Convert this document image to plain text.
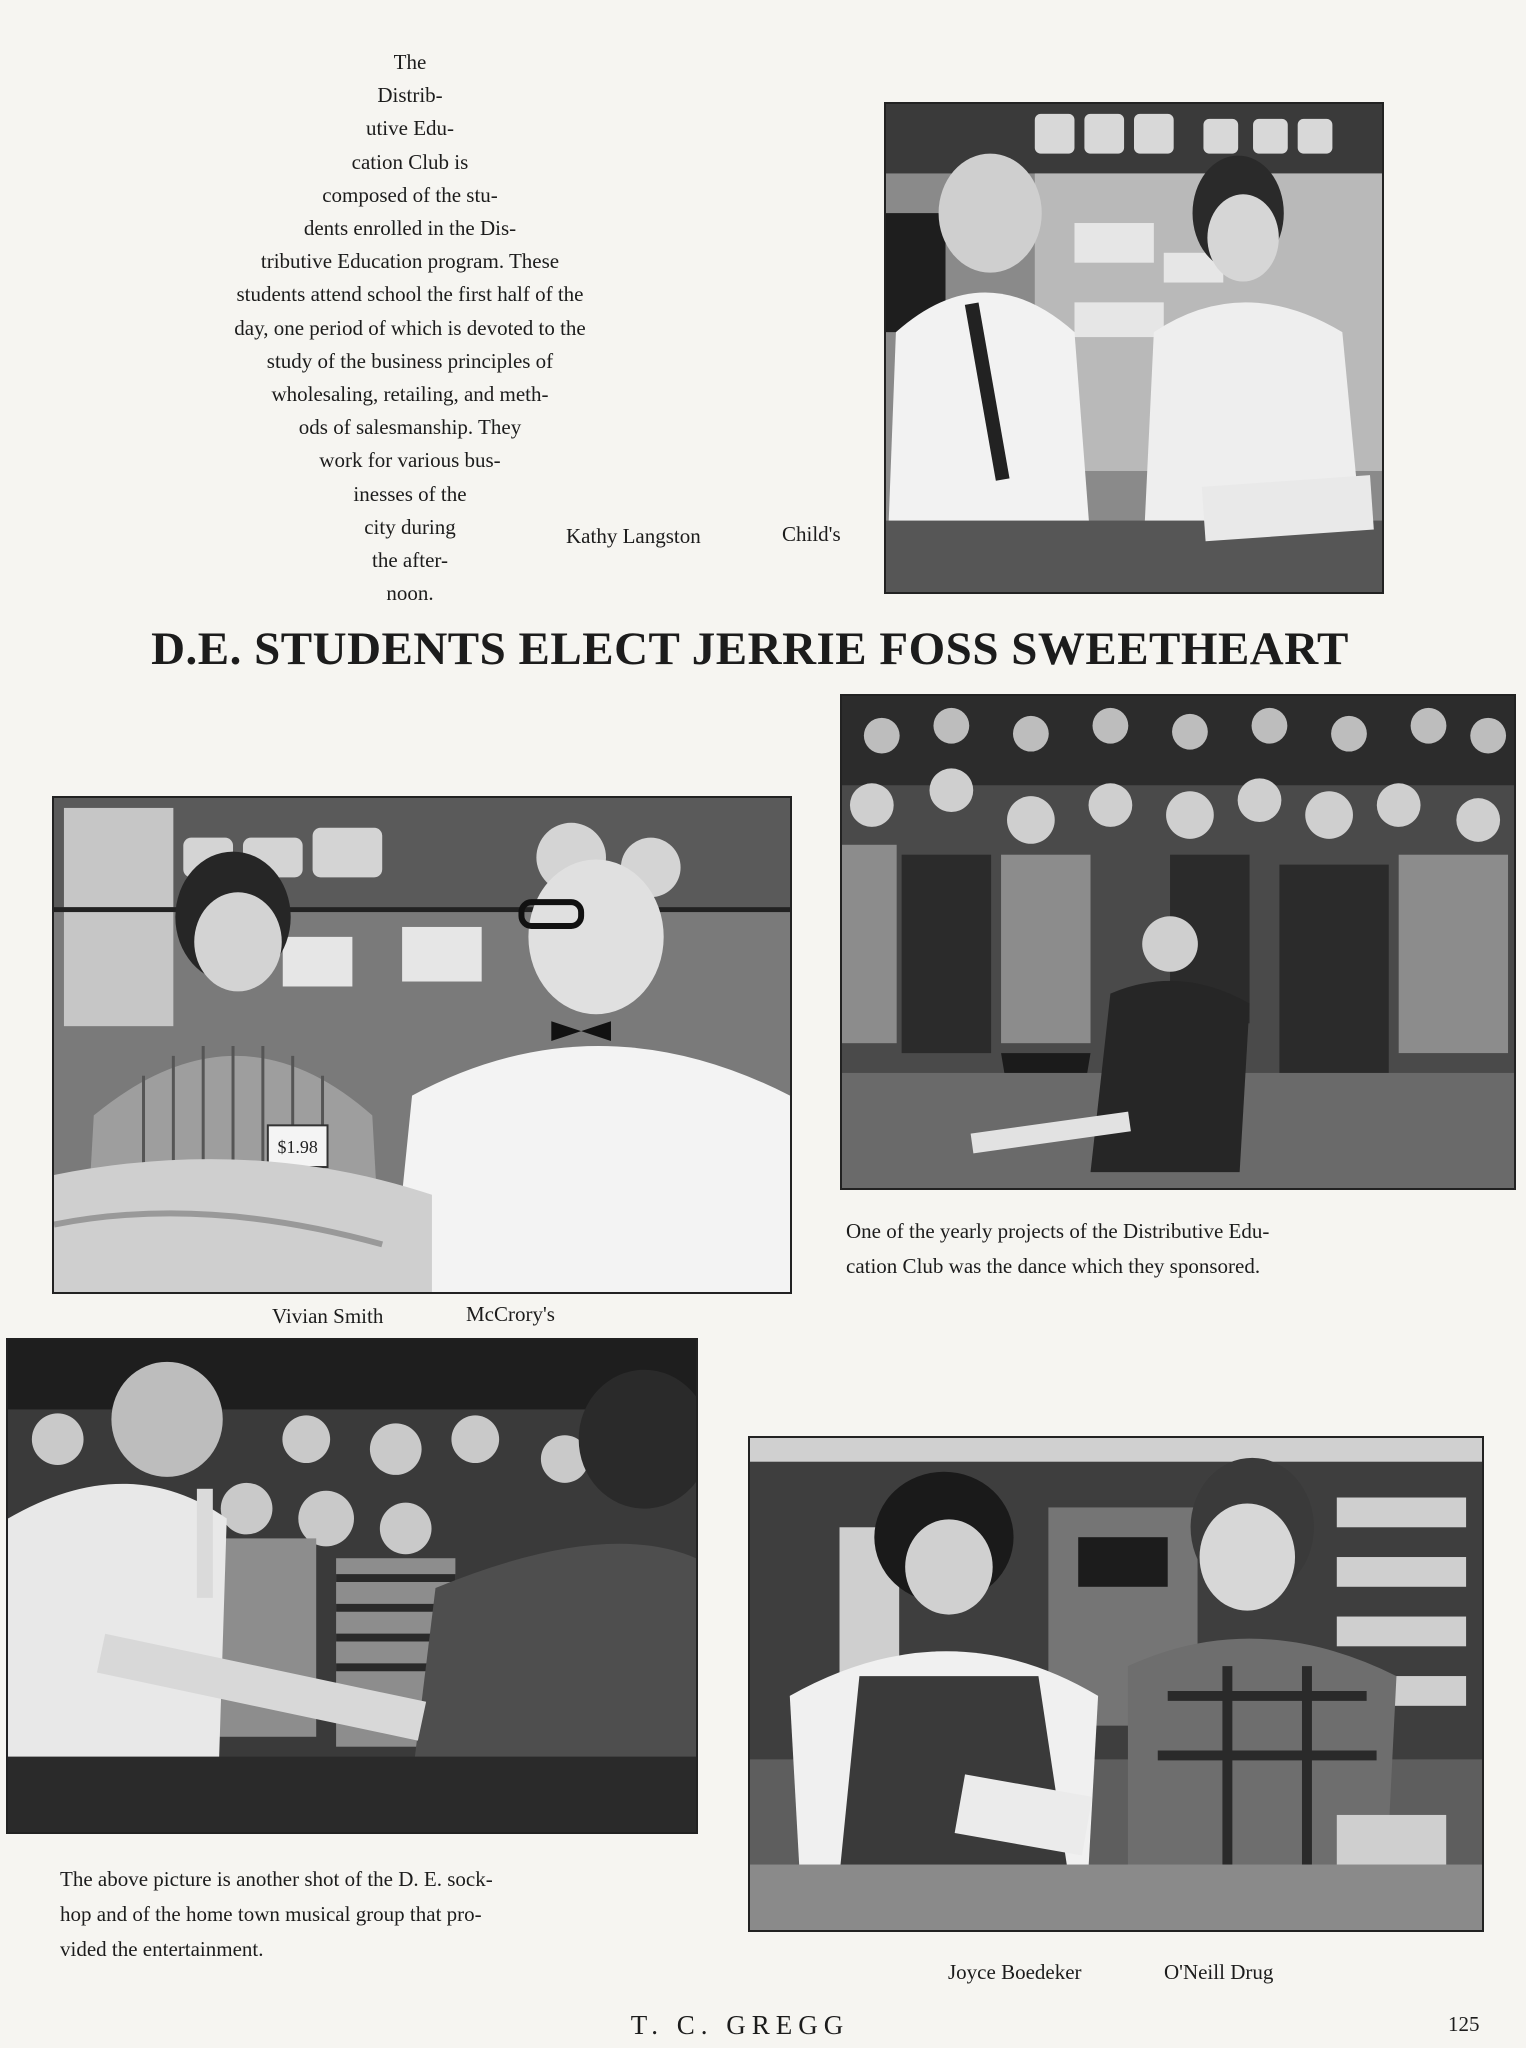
The
Distrib-
utive Edu-
cation Club is
composed of the stu-
dents enrolled in the Dis-
tributive Education program. These
students attend school the first half of the
day, one period of which is devoted to the
study of the business principles of
wholesaling, retailing, and meth-
ods of salesmanship. They
work for various bus-
inesses of the
city during
the after-
noon.
Kathy Langston	Child's
D.E. STUDENTS ELECT JERRIE FOSS SWEETHEART
$1.98
One of the yearly projects of the Distributive Edu-
cation Club was the dance which they sponsored.
Vivian Smith	McCrory's
The above picture is another shot of the D. E. sock-
hop and of the home town musical group that pro-
vided the entertainment.
Joyce Boedeker	O'Neill Drug
T. C. GREGG	125
